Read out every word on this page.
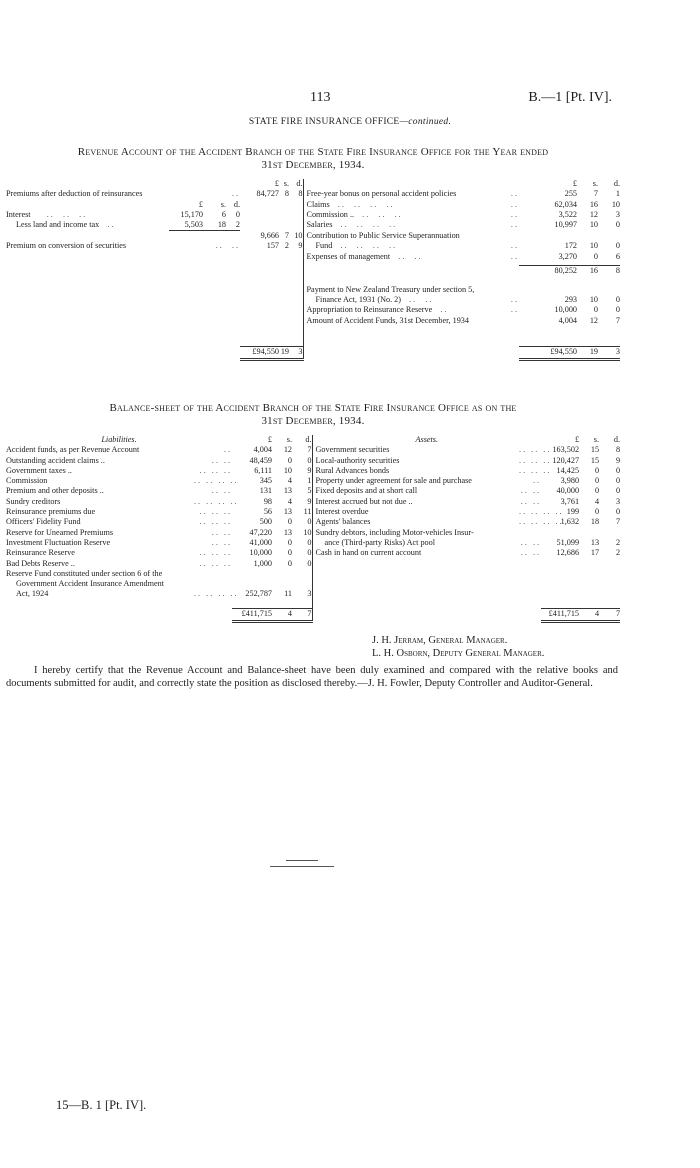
113	B.—1 [Pt. IV].
STATE FIRE INSURANCE OFFICE—continued.
Revenue Account of the Accident Branch of the State Fire Insurance Office for the Year ended
31st December, 1934.
				£	s.	d.			£	s.	d.
Premiums after deduction of reinsurances	..			84,727	8	8	Free-year bonus on personal accident policies	..	255	7	1
	£	s.	d.				Claims  ..  ..  ..  ..	..	62,034	16	10
Interest    ..  ..  ..	15,170	6	0				Commission ..  ..  ..  ..	..	3,522	12	3
Less land and income tax  ..	5,503	18	2				Salaries  ..  ..  ..  ..	..	10,997	10	0
				9,666	7	10	Contribution to Public Service Superannuation				
Premium on conversion of securities	..  ..			157	2	9	Fund  ..  ..  ..  ..	..	172	10	0
							Expenses of management  ..  ..	..	3,270	0	6

									80,252	16	8

							Payment to New Zealand Treasury under section 5,				
							Finance Act, 1931 (No. 2)  ..  ..	..	293	10	0
							Appropriation to Reinsurance Reserve  ..	..	10,000	0	0
							Amount of Accident Funds, 31st December, 1934		4,004	12	7

				£94,550	19	3			£94,550	19	3
Balance-sheet of the Accident Branch of the State Fire Insurance Office as on the
31st December, 1934.
Liabilities.		£	s.	d.	Assets.		£	s.	d.
Accident funds, as per Revenue Account	..	4,004	12	7	Government securities	.. .. ..	163,502	15	8
Outstanding accident claims ..	.. ..	48,459	0	0	Local-authority securities	.. .. ..	120,427	15	9
Government taxes ..	.. .. ..	6,111	10	9	Rural Advances bonds	.. .. ..	14,425	0	0
Commission	.. .. .. ..	345	4	1	Property under agreement for sale and purchase	..	3,980	0	0
Premium and other deposits ..	.. ..	131	13	5	Fixed deposits and at short call	.. ..	40,000	0	0
Sundry creditors	.. .. .. ..	98	4	9	Interest accrued but not due ..	.. ..	3,761	4	3
Reinsurance premiums due	.. .. ..	56	13	11	Interest overdue	.. .. .. ..	199	0	0
Officers' Fidelity Fund	.. .. ..	500	0	0	Agents' balances	.. .. .. ..	1,632	18	7
Reserve for Unearned Premiums	.. ..	47,220	13	10	Sundry debtors, including Motor-vehicles Insur-				
Investment Fluctuation Reserve	.. ..	41,000	0	0	ance (Third-party Risks) Act pool	.. ..	51,099	13	2
Reinsurance Reserve	.. .. ..	10,000	0	0	Cash in hand on current account	.. ..	12,686	17	2
Bad Debts Reserve ..	.. .. ..	1,000	0	0					
Reserve Fund constituted under section 6 of the									
Government Accident Insurance Amendment									
Act, 1924	.. .. .. ..	252,787	11	3					

		£411,715	4	7			£411,715	4	7
J. H. Jerram, General Manager.
L. H. Osborn, Deputy General Manager.
I hereby certify that the Revenue Account and Balance-sheet have been duly examined and compared with the relative books and documents submitted for audit, and correctly state the position as disclosed thereby.—J. H. Fowler, Deputy Controller and Auditor-General.
15—B. 1 [Pt. IV].
